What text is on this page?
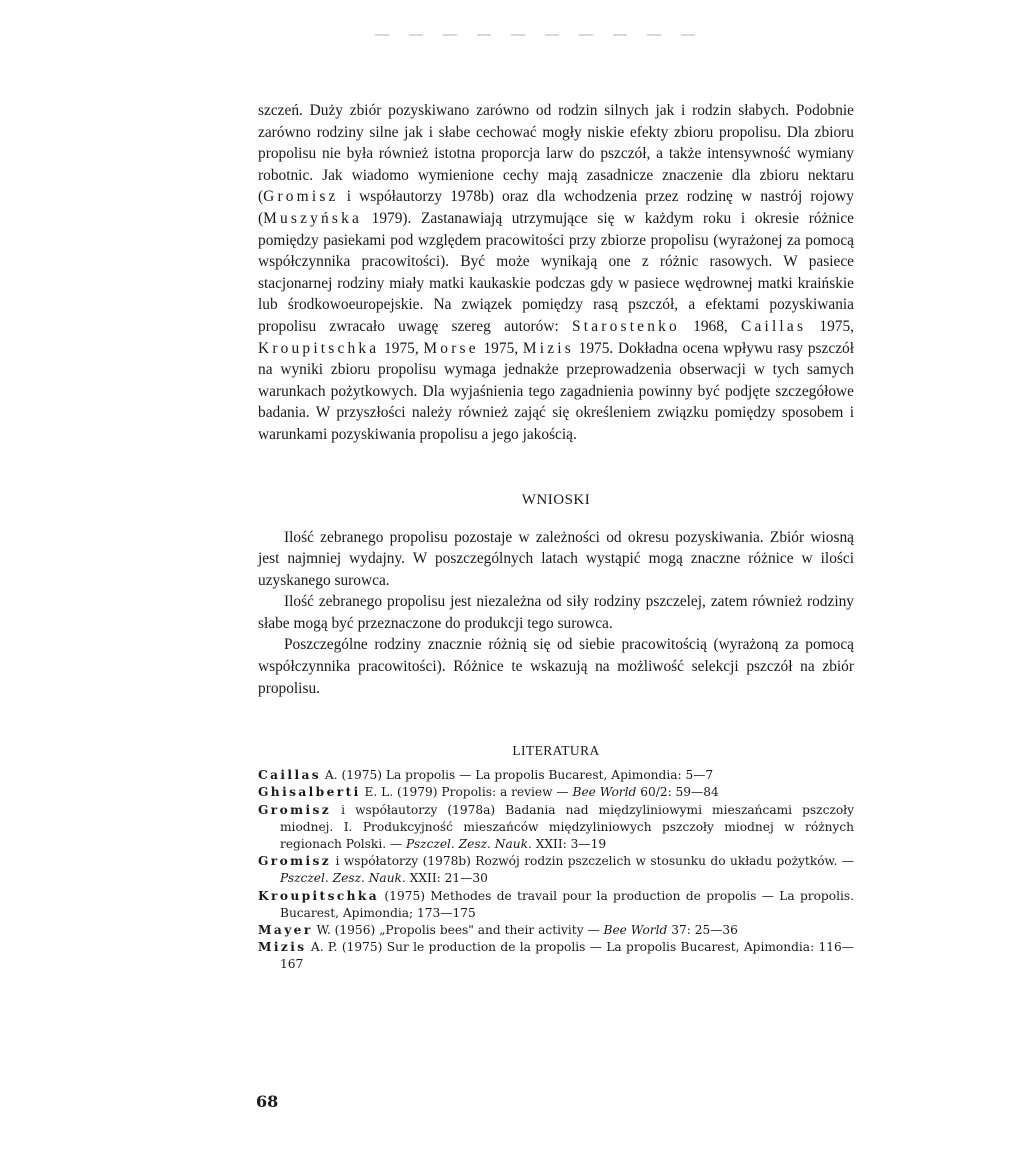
szczeń. Duży zbiór pozyskiwano zarówno od rodzin silnych jak i rodzin słabych. Podobnie zarówno rodziny silne jak i słabe cechować mogły niskie efekty zbioru propolisu. Dla zbioru propolisu nie była również istotna proporcja larw do pszczół, a także intensywność wymiany robotnic. Jak wiadomo wymienione cechy mają zasadnicze znaczenie dla zbioru nektaru (Gromisz i współautorzy 1978b) oraz dla wchodzenia przez rodzinę w nastrój rojowy (Muszyńska 1979). Zastanawiają utrzymujące się w każdym roku i okresie różnice pomiędzy pasiekami pod względem pracowitości przy zbiorze propolisu (wyrażonej za pomocą współczynnika pracowitości). Być może wynikają one z różnic rasowych. W pasiece stacjonarnej rodziny miały matki kaukaskie podczas gdy w pasiece wędrownej matki kraińskie lub środkowoeuropejskie. Na związek pomiędzy rasą pszczół, a efektami pozyskiwania propolisu zwracało uwagę szereg autorów: Starostenko 1968, Caillas 1975, Kroupitschka 1975, Morse 1975, Mizis 1975. Dokładna ocena wpływu rasy pszczół na wyniki zbioru propolisu wymaga jednakże przeprowadzenia obserwacji w tych samych warunkach pożytkowych. Dla wyjaśnienia tego zagadnienia powinny być podjęte szczegółowe badania. W przyszłości należy również zająć się określeniem związku pomiędzy sposobem i warunkami pozyskiwania propolisu a jego jakością.

WNIOSKI

Ilość zebranego propolisu pozostaje w zależności od okresu pozyskiwania. Zbiór wiosną jest najmniej wydajny. W poszczególnych latach wystąpić mogą znaczne różnice w ilości uzyskanego surowca.

Ilość zebranego propolisu jest niezależna od siły rodziny pszczelej, zatem również rodziny słabe mogą być przeznaczone do produkcji tego surowca.

Poszczególne rodziny znacznie różnią się od siebie pracowitością (wyrażoną za pomocą współczynnika pracowitości). Różnice te wskazują na możliwość selekcji pszczół na zbiór propolisu.

LITERATURA

Caillas A. (1975) La propolis — La propolis Bucarest, Apimondia: 5—7

Ghisalberti E. L. (1979) Propolis: a review — Bee World 60/2: 59—84

Gromisz i współautorzy (1978a) Badania nad międzyliniowymi mieszańcami pszczoły miodnej. I. Produkcyjność mieszańców międzyliniowych pszczoły miodnej w różnych regionach Polski. — Pszczel. Zesz. Nauk. XXII: 3—19

Gromisz i współatorzy (1978b) Rozwój rodzin pszczelich w stosunku do układu pożytków. — Pszczel. Zesz. Nauk. XXII: 21—30

Kroupitschka (1975) Methodes de travail pour la production de propolis — La propolis. Bucarest, Apimondia; 173—175

Mayer W. (1956) „Propolis bees" and their activity — Bee World 37: 25—36

Mizis A. P. (1975) Sur le production de la propolis — La propolis Bucarest, Apimondia: 116—167

68
